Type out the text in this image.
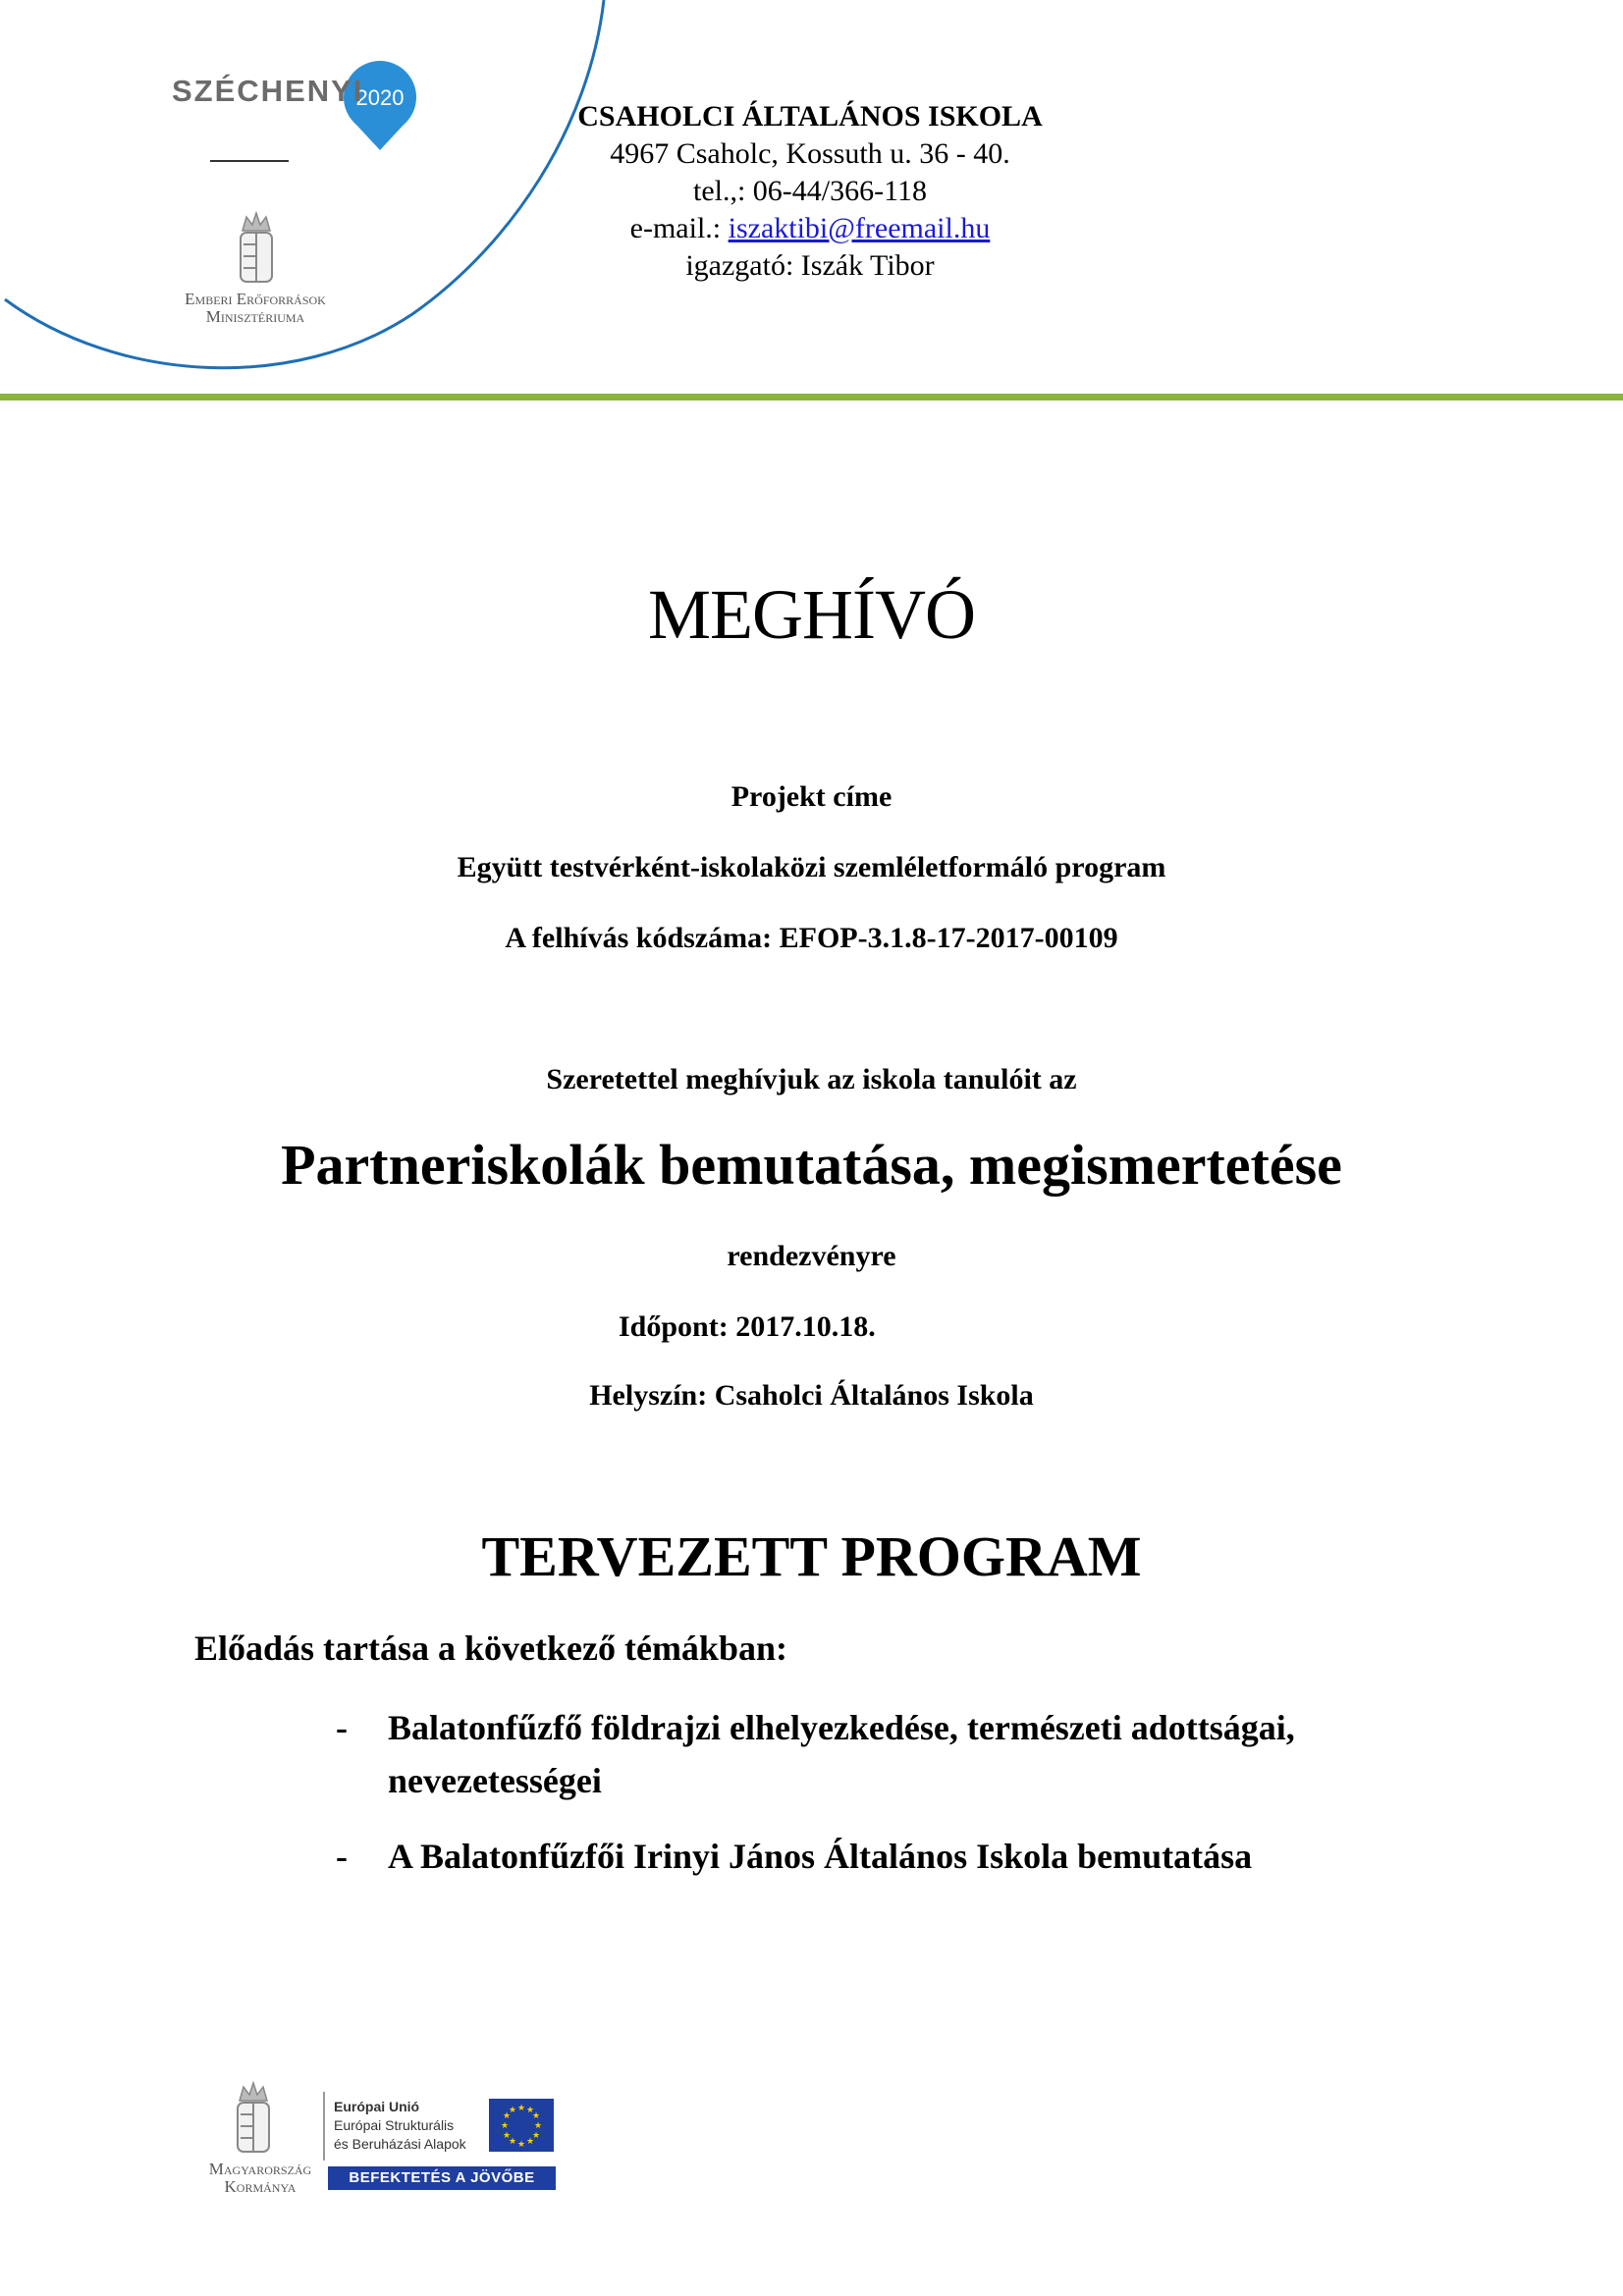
2020
SZÉCHENYI
Emberi Erőforrások
Minisztériuma
CSAHOLCI ÁLTALÁNOS ISKOLA
4967 Csaholc, Kossuth u. 36 - 40.
tel.,: 06-44/366-118
e-mail.: iszaktibi@freemail.hu
igazgató: Iszák Tibor
MEGHÍVÓ
Projekt címe
Együtt testvérként-iskolaközi szemléletformáló program
A felhívás kódszáma: EFOP-3.1.8-17-2017-00109
Szeretettel meghívjuk az iskola tanulóit az
Partneriskolák bemutatása, megismertetése
rendezvényre
Időpont: 2017.10.18.
Helyszín: Csaholci Általános Iskola
TERVEZETT PROGRAM
Előadás tartása a következő témákban:
- Balatonfűzfő földrajzi elhelyezkedése, természeti adottságai,
nevezetességei
- A Balatonfűzfői Irinyi János Általános Iskola bemutatása
Magyarország
Kormánya
Európai Unió
Európai Strukturális
és Beruházási Alapok
★ ★
★
★
★
★
★
★
★
★
★
★
BEFEKTETÉS A JÖVŐBE
